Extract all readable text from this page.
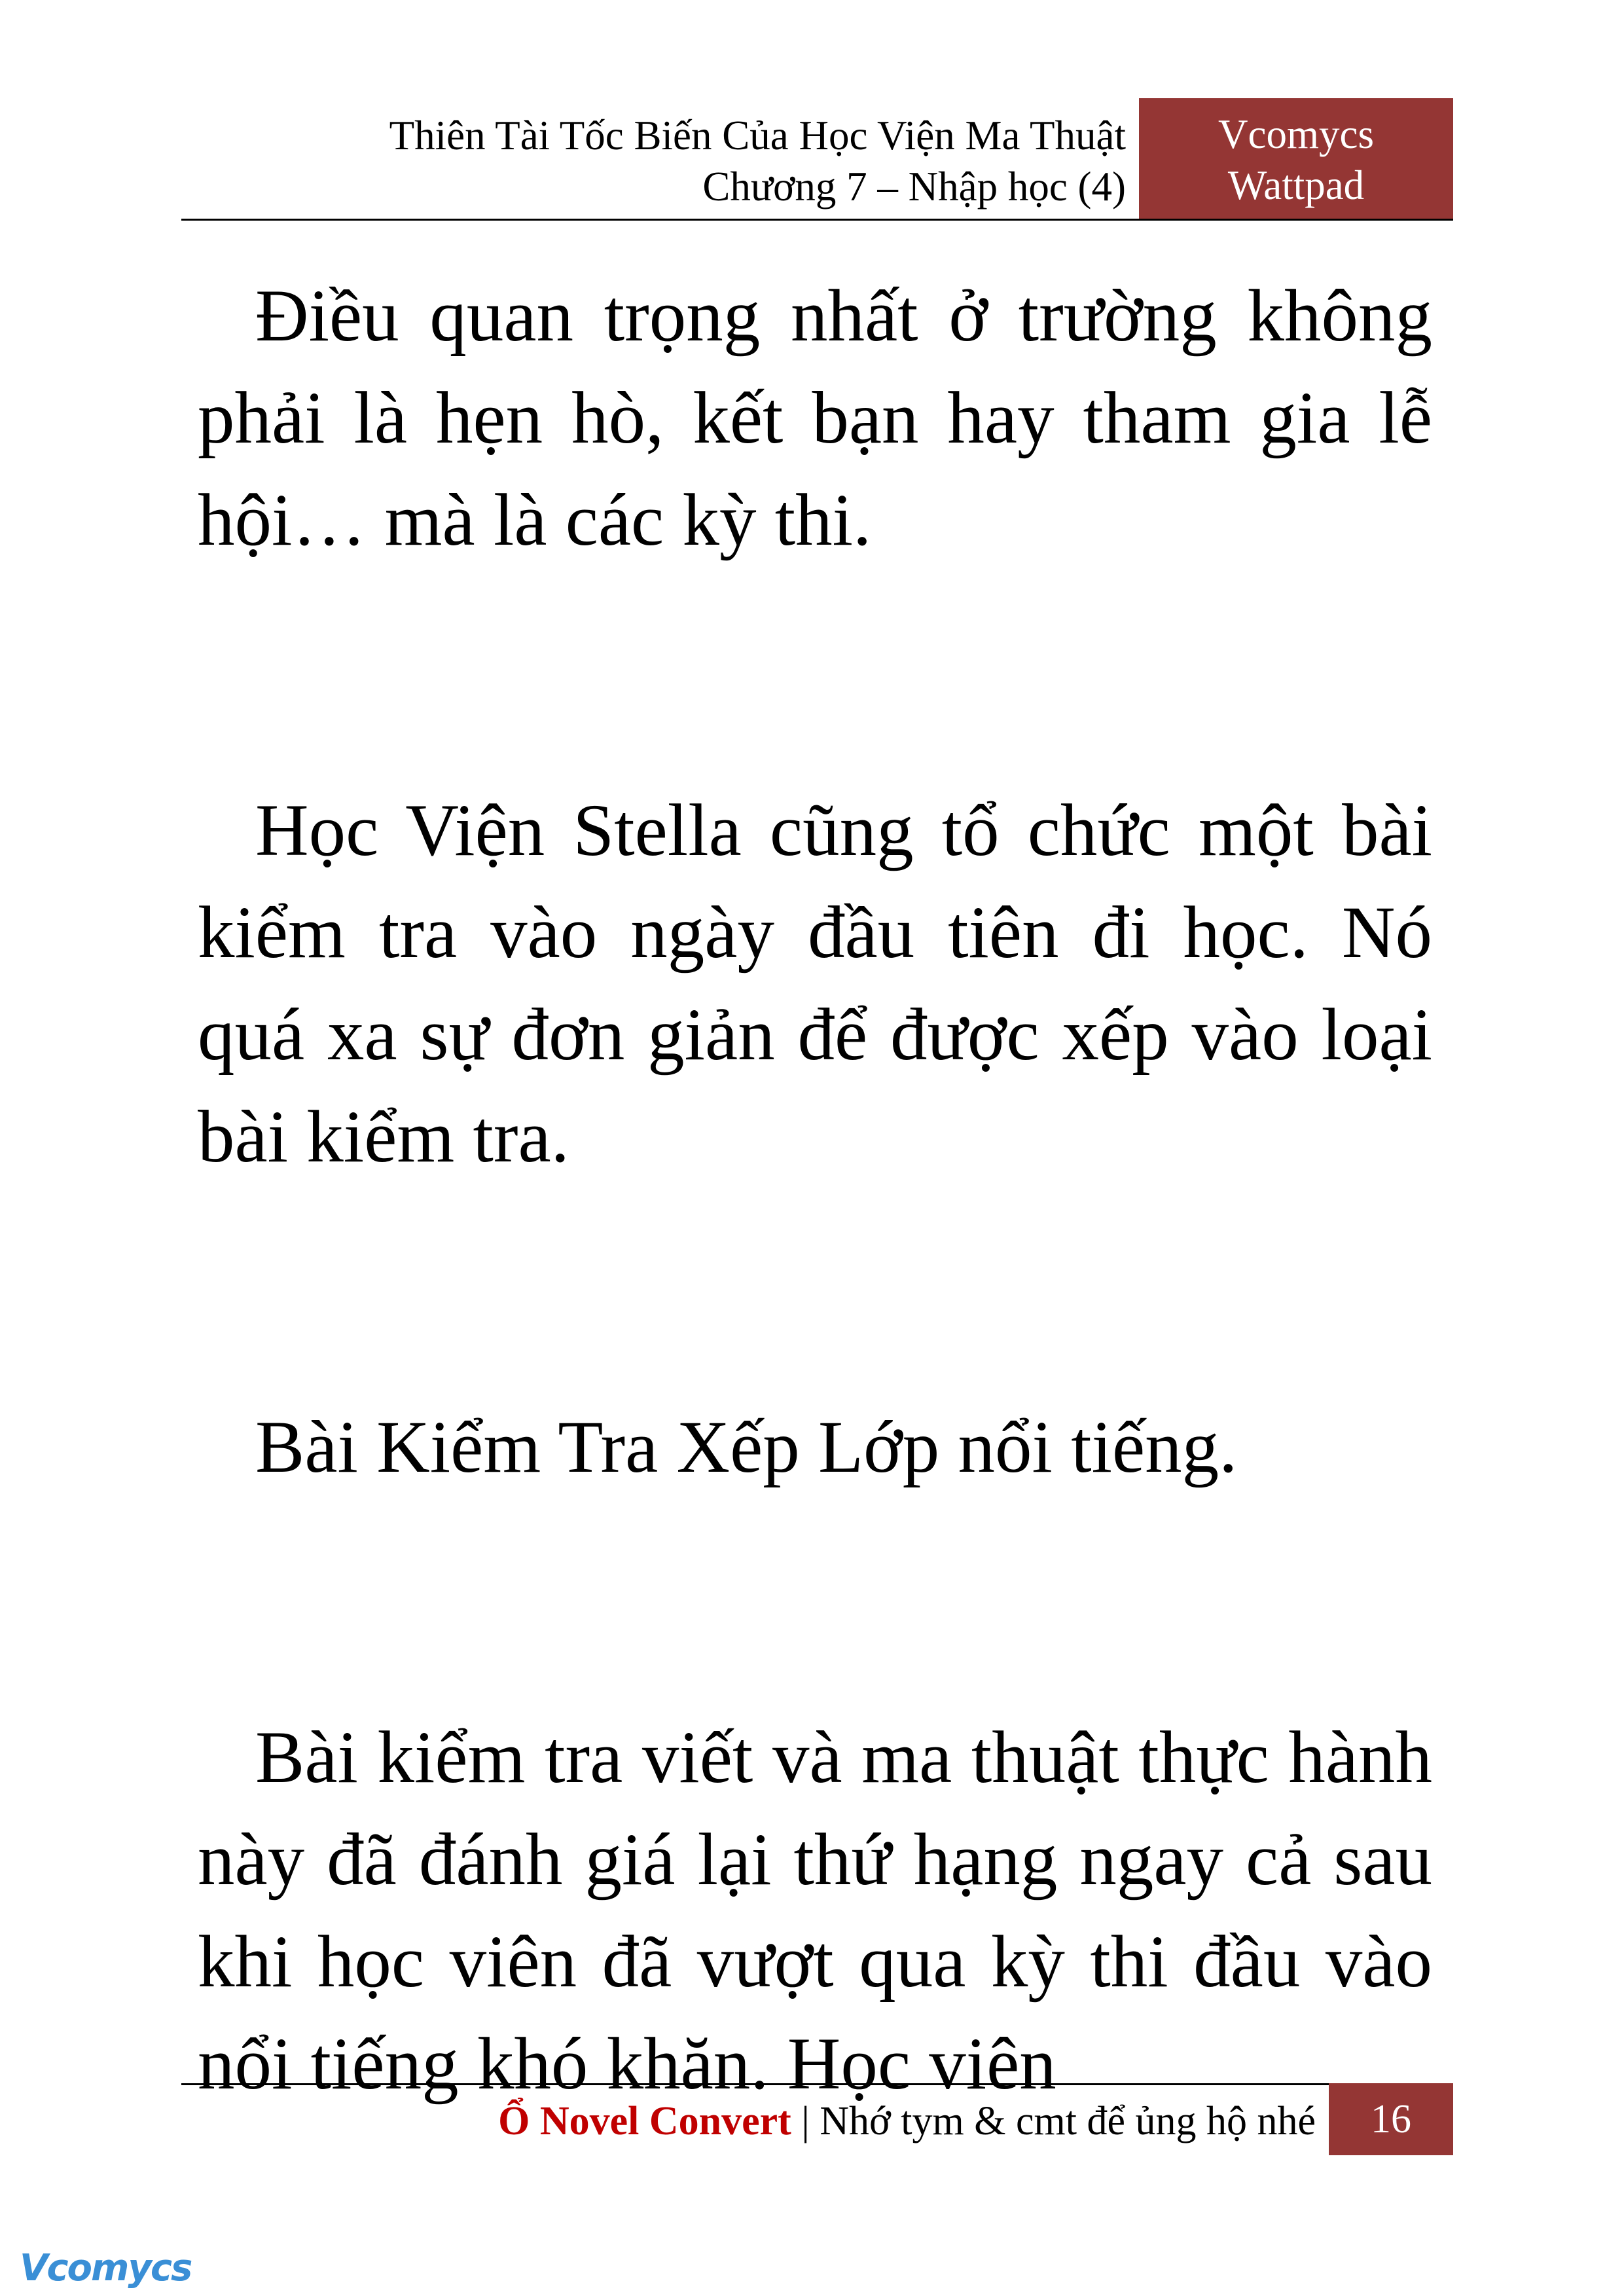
Thiên Tài Tốc Biến Của Học Viện Ma Thuật
Chương 7 – Nhập học (4)
Vcomycs
Wattpad

Điều quan trọng nhất ở trường không phải là hẹn hò, kết bạn hay tham gia lễ hội… mà là các kỳ thi.

Học Viện Stella cũng tổ chức một bài kiểm tra vào ngày đầu tiên đi học. Nó quá xa sự đơn giản để được xếp vào loại bài kiểm tra.

Bài Kiểm Tra Xếp Lớp nổi tiếng.

Bài kiểm tra viết và ma thuật thực hành này đã đánh giá lại thứ hạng ngay cả sau khi học viên đã vượt qua kỳ thi đầu vào nổi tiếng khó khăn. Học viên

Ổ Novel Convert | Nhớ tym & cmt để ủng hộ nhé	16
Vcomycs
